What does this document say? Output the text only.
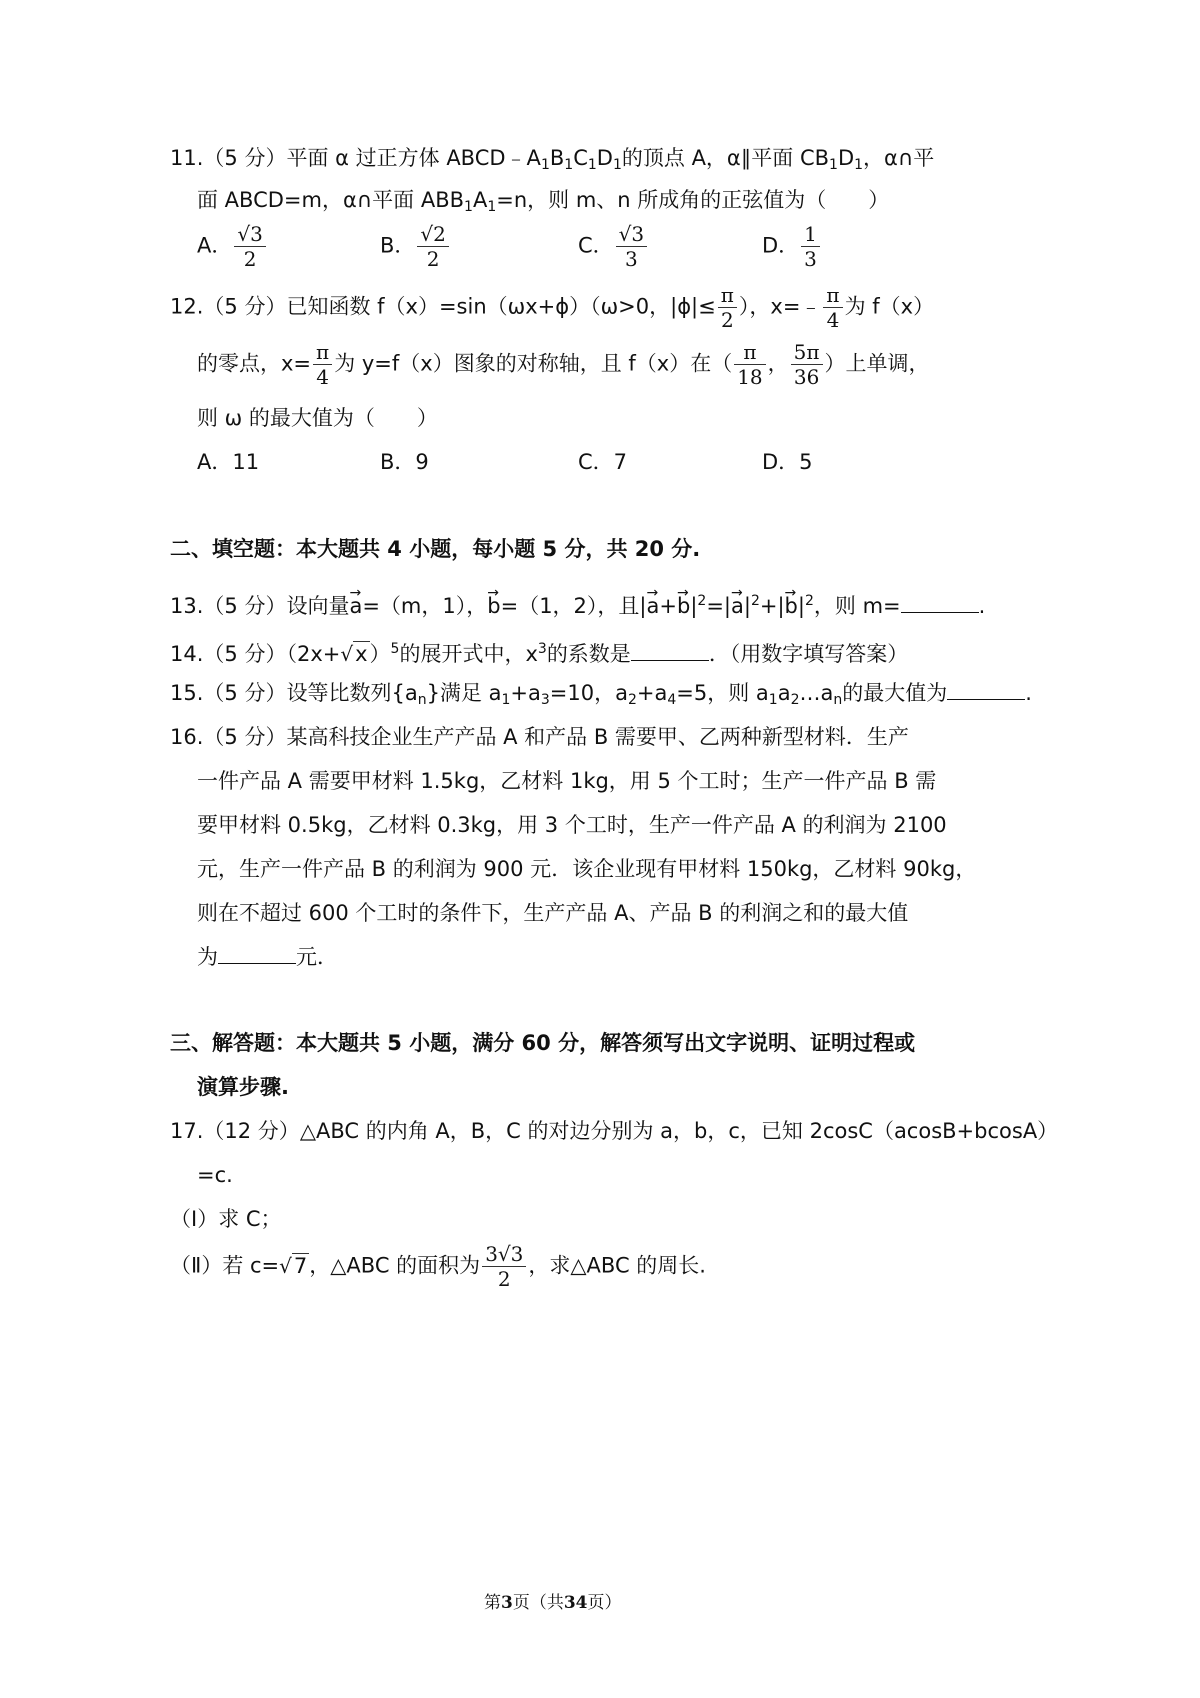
11.（5 分）平面 α 过正方体 $ABCD﹣A_1B_1C_1D_1$的顶点 A，α∥平面 $CB_1D_1$，α∩平
面 ABCD=m，α∩平面 $ABB_1A_1=n$，则 m、n 所成角的正弦值为（　　）
A． $\frac{√3}{2}$	B． $\frac{√2}{2}$	C． $\frac{√3}{3}$	D． $\frac{1}{3}$
12.（5 分）已知函数 f（x）=sin（ωx+ϕ）（ω>0，$|\phi|\le \frac{\pi}{2}$ ），x=﹣ $\frac{\pi}{4}$ 为 f（x）
的零点，$x= \frac{\pi}{4}$ 为 y=f（x）图象的对称轴，且 f（x）在（ $\frac{\pi}{18}$ ， $\frac{5\pi}{36}$ ）上单调，
则 ω 的最大值为（　　）
A．11	B．9	C．7	D．5
二、填空题：本大题共 4 小题，每小题 5 分，共 20 分.
13.（5 分）设向量→ a=（m，1），→ b=（1，2），且|→ $a+\to b|^2=|\to a|^2+|\to b|^2$，则 m=	.
14.（5 分）$(2x+√x)^5$的展开式中，$x^3$的系数是	．（用数字填写答案）
15.（5 分）设等比数列$\{a_n\}$满足 $a_1+a_3=10$，$a_2+a_4=5$，则 $a_1a_2\dots a_n$的最大值为	.
16.（5 分）某高科技企业生产产品 A 和产品 B 需要甲、乙两种新型材料．生产
一件产品 A 需要甲材料 1.5kg，乙材料 1kg，用 5 个工时；生产一件产品 B 需
要甲材料 0.5kg，乙材料 0.3kg，用 3 个工时，生产一件产品 A 的利润为 2100
元，生产一件产品 B 的利润为 900 元．该企业现有甲材料 150kg，乙材料 90kg，
则在不超过 600 个工时的条件下，生产产品 A、产品 B 的利润之和的最大值
为	元．
三、解答题：本大题共 5 小题，满分 60 分，解答须写出文字说明、证明过程或
演算步骤.
17.（12 分）△ABC 的内角 A，B，C 的对边分别为 a，b，c，已知 2cosC（acosB+bcosA）
=c.
（Ⅰ）求 C；
（Ⅱ）若 c=√7，△ABC 的面积为 $\frac{3√3}{2}$ ，求△ABC 的周长.
第3页（共34页）
